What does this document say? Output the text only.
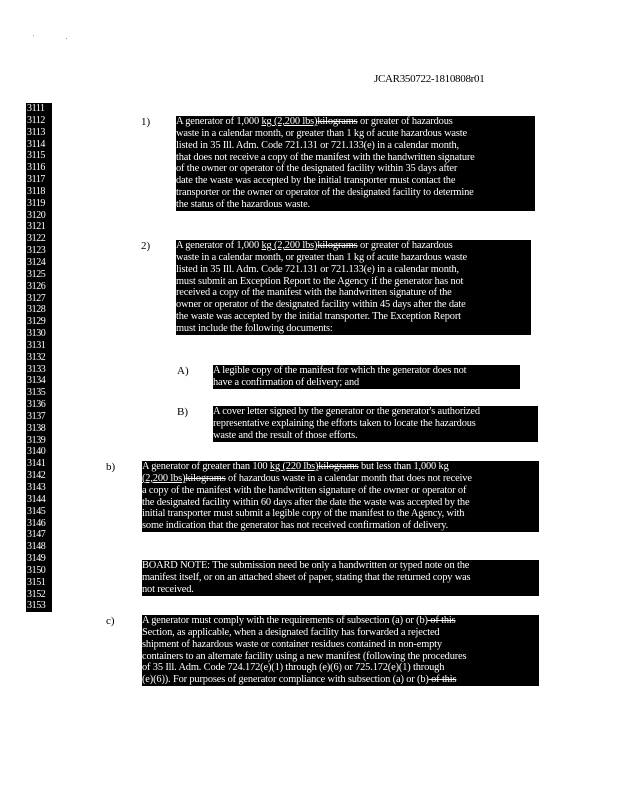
JCAR350722-1810808r01
3111
3112
3113
3114
3115
3116
3117
3118
3119
3120
3121
3122
3123
3124
3125
3126
3127
3128
3129
3130
3131
3132
3133
3134
3135
3136
3137
3138
3139
3140
3141
3142
3143
3144
3145
3146
3147
3148
3149
3150
3151
3152
3153
1) A generator of 1,000 kg (2,200 lbs)kilograms or greater of hazardous
waste in a calendar month, or greater than 1 kg of acute hazardous waste
listed in 35 Ill. Adm. Code 721.131 or 721.133(e) in a calendar month,
that does not receive a copy of the manifest with the handwritten signature
of the owner or operator of the designated facility within 35 days after
date the waste was accepted by the initial transporter must contact the
transporter or the owner or operator of the designated facility to determine
the status of the hazardous waste.
2) A generator of 1,000 kg (2,200 lbs)kilograms or greater of hazardous
waste in a calendar month, or greater than 1 kg of acute hazardous waste
listed in 35 Ill. Adm. Code 721.131 or 721.133(e) in a calendar month,
must submit an Exception Report to the Agency if the generator has not
received a copy of the manifest with the handwritten signature of the
owner or operator of the designated facility within 45 days after the date
the waste was accepted by the initial transporter. The Exception Report
must include the following documents:
A) A legible copy of the manifest for which the generator does not
have a confirmation of delivery; and
B) A cover letter signed by the generator or the generator's authorized
representative explaining the efforts taken to locate the hazardous
waste and the result of those efforts.
b)	A generator of greater than 100 kg (220 lbs)kilograms but less than 1,000 kg
(2,200 lbs)kilograms of hazardous waste in a calendar month that does not receive
a copy of the manifest with the handwritten signature of the owner or operator of
the designated facility within 60 days after the date the waste was accepted by the
initial transporter must submit a legible copy of the manifest to the Agency, with
some indication that the generator has not received confirmation of delivery.
BOARD NOTE: The submission need be only a handwritten or typed note on the
manifest itself, or on an attached sheet of paper, stating that the returned copy was
not received.
c)	A generator must comply with the requirements of subsection (a) or (b) of this
Section, as applicable, when a designated facility has forwarded a rejected
shipment of hazardous waste or container residues contained in non-empty
containers to an alternate facility using a new manifest (following the procedures
of 35 Ill. Adm. Code 724.172(e)(1) through (e)(6) or 725.172(e)(1) through
(e)(6)). For purposes of generator compliance with subsection (a) or (b) of this
